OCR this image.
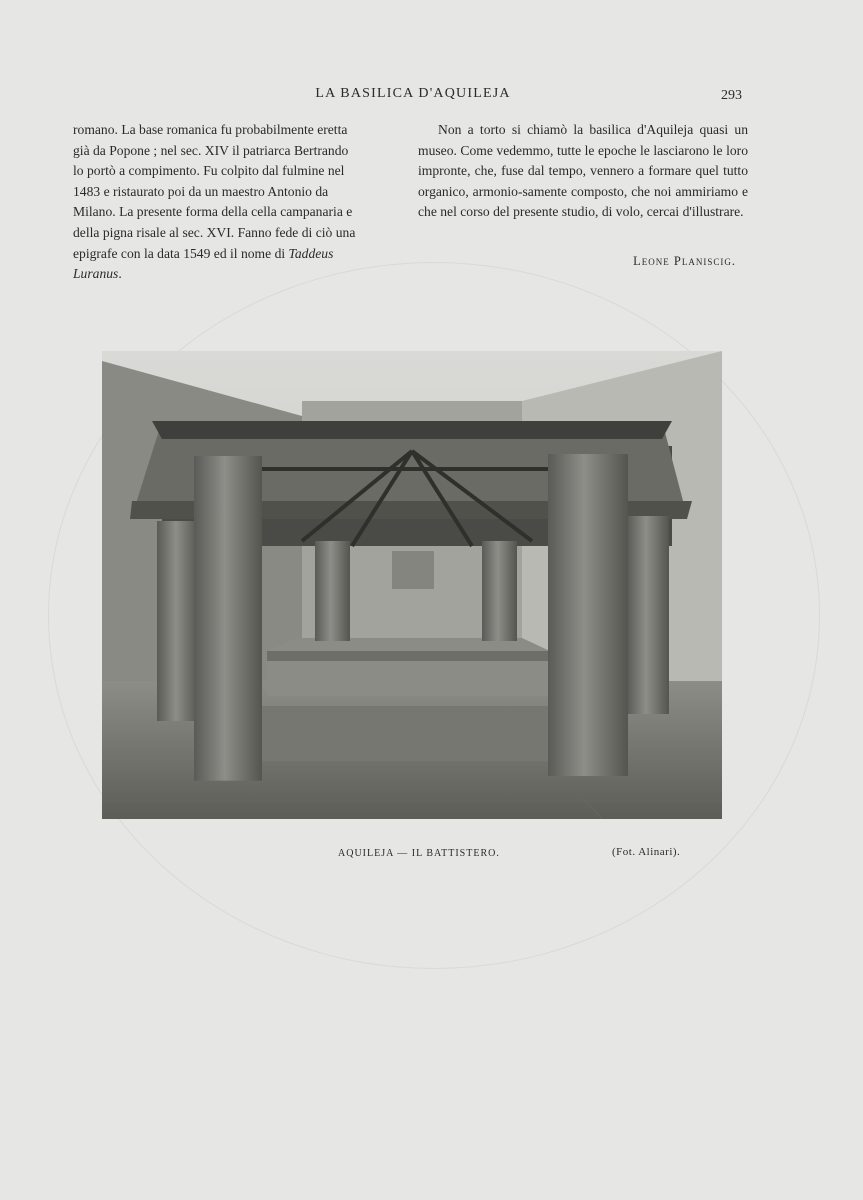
LA BASILICA D'AQUILEJA	293

romano. La base romanica fu probabilmente eretta
già da Popone ; nel sec. XIV il patriarca Bertrando
lo portò a compimento. Fu colpito dal fulmine nel
1483 e ristaurato poi da un maestro Antonio da
Milano. La presente forma della cella campanaria e
della pigna risale al sec. XVI. Fanno fede di ciò una
epigrafe con la data 1549 ed il nome di Taddeus
Luranus.

Non a torto si chiamò la basilica d'Aquileja quasi un museo. Come vedemmo, tutte le epoche le lasciarono le loro impronte, che, fuse dal tempo, vennero a formare quel tutto organico, armonio-samente composto, che noi ammiriamo e che nel corso del presente studio, di volo, cercai d'illustrare.

Leone Planiscig.

AQUILEJA — IL BATTISTERO.	(Fot. Alinari).
